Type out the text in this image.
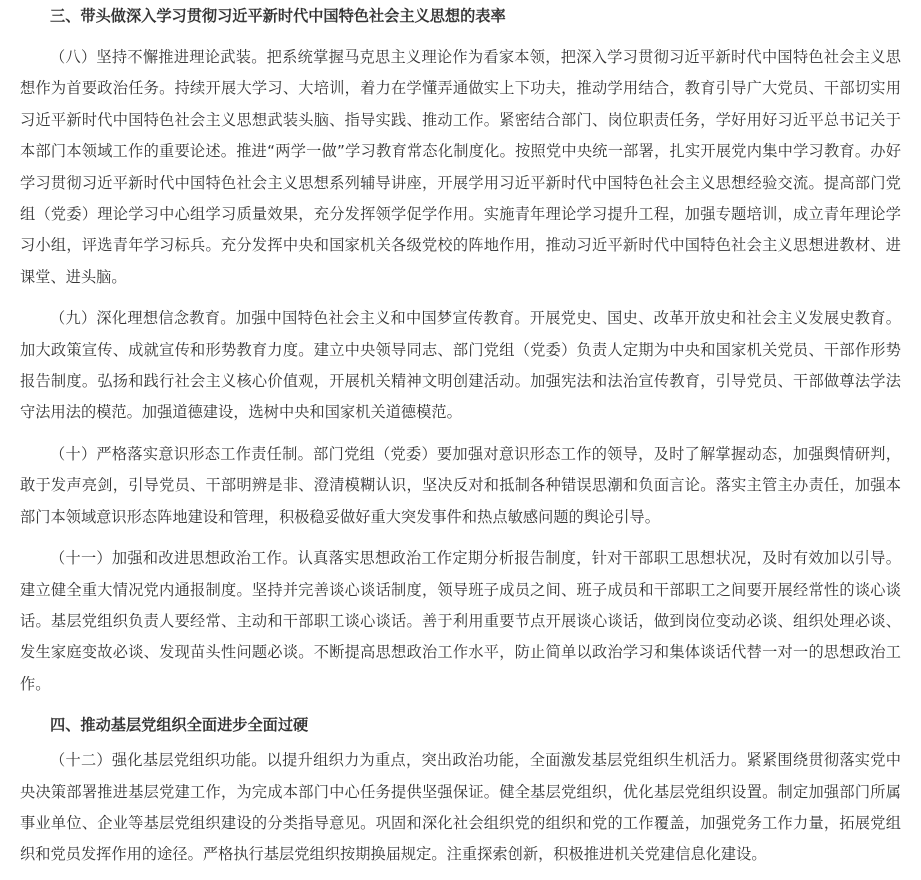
三、带头做深入学习贯彻习近平新时代中国特色社会主义思想的表率

（八）坚持不懈推进理论武装。把系统掌握马克思主义理论作为看家本领，把深入学习贯彻习近平新时代中国特色社会主义思想作为首要政治任务。持续开展大学习、大培训，着力在学懂弄通做实上下功夫，推动学用结合，教育引导广大党员、干部切实用习近平新时代中国特色社会主义思想武装头脑、指导实践、推动工作。紧密结合部门、岗位职责任务，学好用好习近平总书记关于本部门本领域工作的重要论述。推进“两学一做”学习教育常态化制度化。按照党中央统一部署，扎实开展党内集中学习教育。办好学习贯彻习近平新时代中国特色社会主义思想系列辅导讲座，开展学用习近平新时代中国特色社会主义思想经验交流。提高部门党组（党委）理论学习中心组学习质量效果，充分发挥领学促学作用。实施青年理论学习提升工程，加强专题培训，成立青年理论学习小组，评选青年学习标兵。充分发挥中央和国家机关各级党校的阵地作用，推动习近平新时代中国特色社会主义思想进教材、进课堂、进头脑。

（九）深化理想信念教育。加强中国特色社会主义和中国梦宣传教育。开展党史、国史、改革开放史和社会主义发展史教育。加大政策宣传、成就宣传和形势教育力度。建立中央领导同志、部门党组（党委）负责人定期为中央和国家机关党员、干部作形势报告制度。弘扬和践行社会主义核心价值观，开展机关精神文明创建活动。加强宪法和法治宣传教育，引导党员、干部做尊法学法守法用法的模范。加强道德建设，选树中央和国家机关道德模范。

（十）严格落实意识形态工作责任制。部门党组（党委）要加强对意识形态工作的领导，及时了解掌握动态，加强舆情研判，敢于发声亮剑，引导党员、干部明辨是非、澄清模糊认识，坚决反对和抵制各种错误思潮和负面言论。落实主管主办责任，加强本部门本领域意识形态阵地建设和管理，积极稳妥做好重大突发事件和热点敏感问题的舆论引导。

（十一）加强和改进思想政治工作。认真落实思想政治工作定期分析报告制度，针对干部职工思想状况，及时有效加以引导。建立健全重大情况党内通报制度。坚持并完善谈心谈话制度，领导班子成员之间、班子成员和干部职工之间要开展经常性的谈心谈话。基层党组织负责人要经常、主动和干部职工谈心谈话。善于利用重要节点开展谈心谈话，做到岗位变动必谈、组织处理必谈、发生家庭变故必谈、发现苗头性问题必谈。不断提高思想政治工作水平，防止简单以政治学习和集体谈话代替一对一的思想政治工作。

四、推动基层党组织全面进步全面过硬

（十二）强化基层党组织功能。以提升组织力为重点，突出政治功能，全面激发基层党组织生机活力。紧紧围绕贯彻落实党中央决策部署推进基层党建工作，为完成本部门中心任务提供坚强保证。健全基层党组织，优化基层党组织设置。制定加强部门所属事业单位、企业等基层党组织建设的分类指导意见。巩固和深化社会组织党的组织和党的工作覆盖，加强党务工作力量，拓展党组织和党员发挥作用的途径。严格执行基层党组织按期换届规定。注重探索创新，积极推进机关党建信息化建设。
